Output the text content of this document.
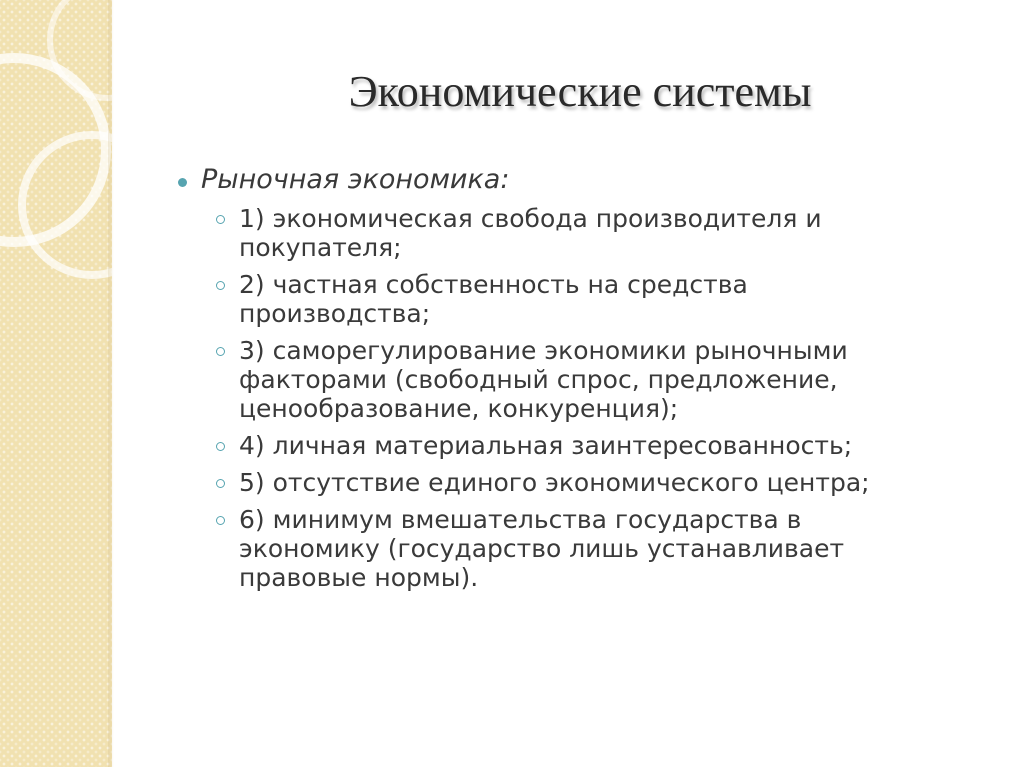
Экономические системы
Рыночная экономика:
1) экономическая свобода производителя и покупателя;
2) частная собственность на средства производства;
3) саморегулирование экономики рыночными факторами (свободный спрос, предложение, ценообразование, конкуренция);
4) личная материальная заинтересованность;
5) отсутствие единого экономического центра;
6) минимум вмешательства государства в экономику (государство лишь устанавливает правовые нормы).
